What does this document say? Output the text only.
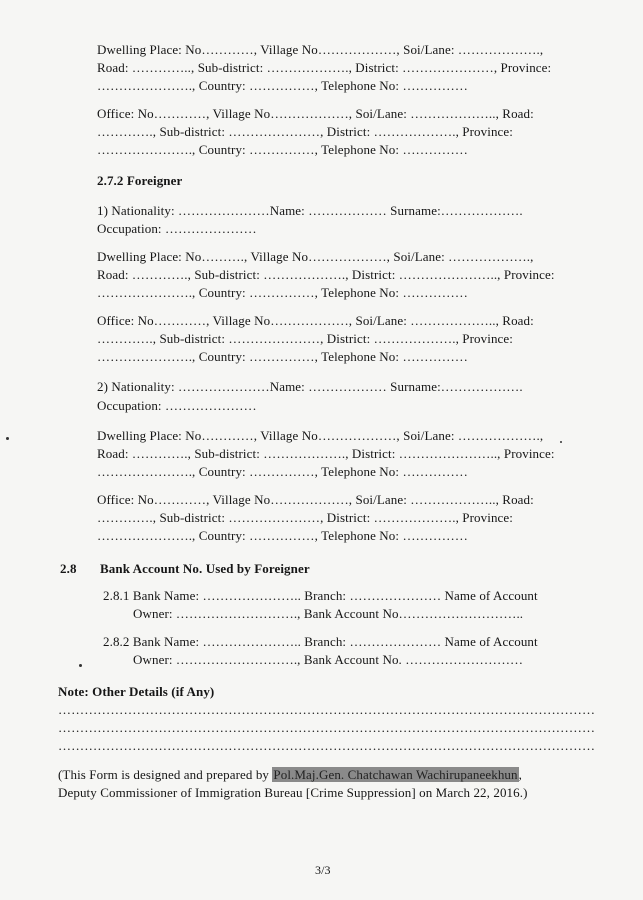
Dwelling Place: No…………, Village No………………, Soi/Lane: ……………….,
Road: ………….., Sub-district: ………………., District: …………………, Province:
…………………., Country: ……………, Telephone No: ……………
Office: No…………, Village No………………, Soi/Lane: ……………….., Road:
…………., Sub-district: …………………, District: ………………., Province:
…………………., Country: ……………, Telephone No: ……………
2.7.2 Foreigner
1) Nationality: …………………Name: ……………… Surname:……………….
Occupation: …………………
Dwelling Place: No………., Village No………………, Soi/Lane: ……………….,
Road: …………., Sub-district: ………………., District: ………………….., Province:
…………………., Country: ……………, Telephone No: ……………
Office: No…………, Village No………………, Soi/Lane: ……………….., Road:
…………., Sub-district: …………………, District: ………………., Province:
…………………., Country: ……………, Telephone No: ……………
2) Nationality: …………………Name: ……………… Surname:……………….
Occupation: …………………
Dwelling Place: No…………, Village No………………, Soi/Lane: ……………….,
Road: …………., Sub-district: ………………., District: ………………….., Province:
…………………., Country: ……………, Telephone No: ……………
Office: No…………, Village No………………, Soi/Lane: ……………….., Road:
…………., Sub-district: …………………, District: ………………., Province:
…………………., Country: ……………, Telephone No: ……………
2.8 Bank Account No. Used by Foreigner
2.8.1 Bank Name: ………………….. Branch: ………………… Name of Account
Owner: ………………………., Bank Account No………………………..
2.8.2 Bank Name: ………………….. Branch: ………………… Name of Account
Owner: ………………………., Bank Account No. ………………………
Note: Other Details (if Any)
……………………………………………………………………………………………………………
……………………………………………………………………………………………………………
……………………………………………………………………………………………………………
(This Form is designed and prepared by Pol.Maj.Gen. Chatchawan Wachirupaneekhun,
Deputy Commissioner of Immigration Bureau [Crime Suppression] on March 22, 2016.)
3/3
